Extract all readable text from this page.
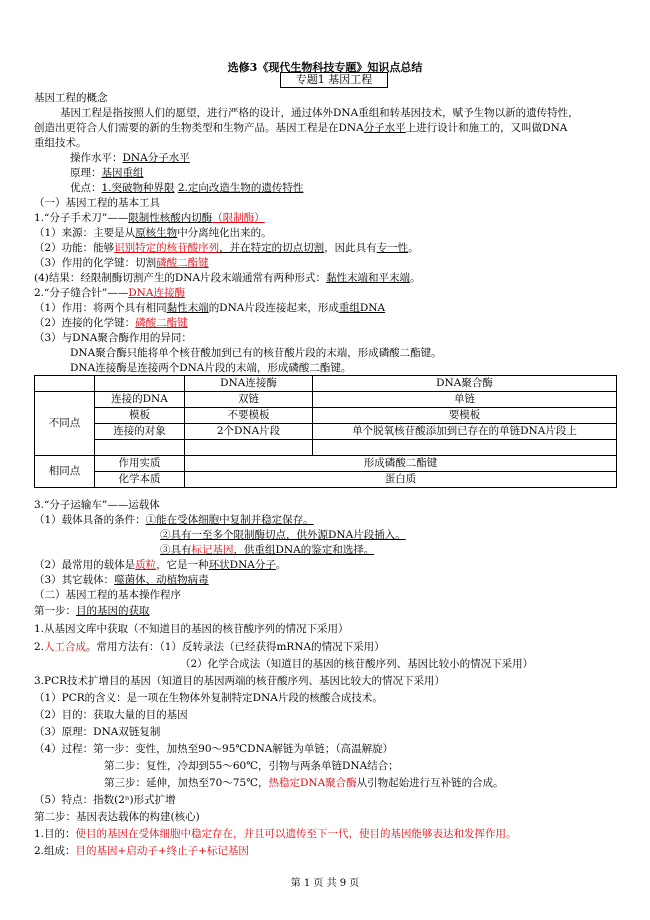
选修3《现代生物科技专题》知识点总结
专题1 基因工程
基因工程的概念
基因工程是指按照人们的愿望，进行严格的设计，通过体外DNA重组和转基因技术，赋予生物以新的遗传特性，
创造出更符合人们需要的新的生物类型和生物产品。基因工程是在DNA分子水平上进行设计和施工的，又叫做DNA
重组技术。
操作水平：DNA分子水平
原理：基因重组
优点：1.突破物种界限 2.定向改造生物的遗传特性
（一）基因工程的基本工具
1.“分子手术刀”——限制性核酸内切酶（限制酶）
（1）来源：主要是从原核生物中分离纯化出来的。
（2）功能：能够识别特定的核苷酸序列，并在特定的切点切割，因此具有专一性。
（3）作用的化学键：切割磷酸二酯键
(4)结果：经限制酶切割产生的DNA片段末端通常有两种形式：黏性末端和平末端。
2.“分子缝合针”——DNA连接酶
（1）作用：将两个具有相同黏性末端的DNA片段连接起来，形成重组DNA
（2）连接的化学键：磷酸二酯键
（3）与DNA聚合酶作用的异同：
DNA聚合酶只能将单个核苷酸加到已有的核苷酸片段的末端，形成磷酸二酯键。
DNA连接酶是连接两个DNA片段的末端，形成磷酸二酯键。
		DNA连接酶	DNA聚合酶
不同点	连接的DNA	双链	单链
	模板	不要模板	要模板
	连接的对象	2个DNA片段	单个脱氧核苷酸添加到已存在的单链DNA片段上

相同点	作用实质	形成磷酸二酯键	
	化学本质	蛋白质	
3.“分子运输车”——运载体
（1）载体具备的条件：①能在受体细胞中复制并稳定保存。
②具有一至多个限制酶切点，供外源DNA片段插入。
③具有标记基因，供重组DNA的鉴定和选择。
（2）最常用的载体是质粒，它是一种环状DNA分子。
（3）其它载体：噬菌体、动植物病毒
（二）基因工程的基本操作程序
第一步：目的基因的获取
1.从基因文库中获取（不知道目的基因的核苷酸序列的情况下采用）
2.人工合成。常用方法有：（1）反转录法（已经获得mRNA的情况下采用）
（2）化学合成法（知道目的基因的核苷酸序列、基因比较小的情况下采用）
3.PCR技术扩增目的基因（知道目的基因两端的核苷酸序列、基因比较大的情况下采用）
（1）PCR的含义：是一项在生物体外复制特定DNA片段的核酸合成技术。
（2）目的：获取大量的目的基因
（3）原理：DNA双链复制
（4）过程：第一步：变性，加热至90～95℃DNA解链为单链；（高温解旋）
第二步：复性，冷却到55～60℃，引物与两条单链DNA结合；
第三步：延伸，加热至70～75℃，热稳定DNA聚合酶从引物起始进行互补链的合成。
（5）特点：指数(2ⁿ)形式扩增
第二步：基因表达载体的构建(核心)
1.目的：使目的基因在受体细胞中稳定存在，并且可以遗传至下一代，使目的基因能够表达和发挥作用。
2.组成：目的基因+启动子+终止子+标记基因
第 1 页 共 9 页
